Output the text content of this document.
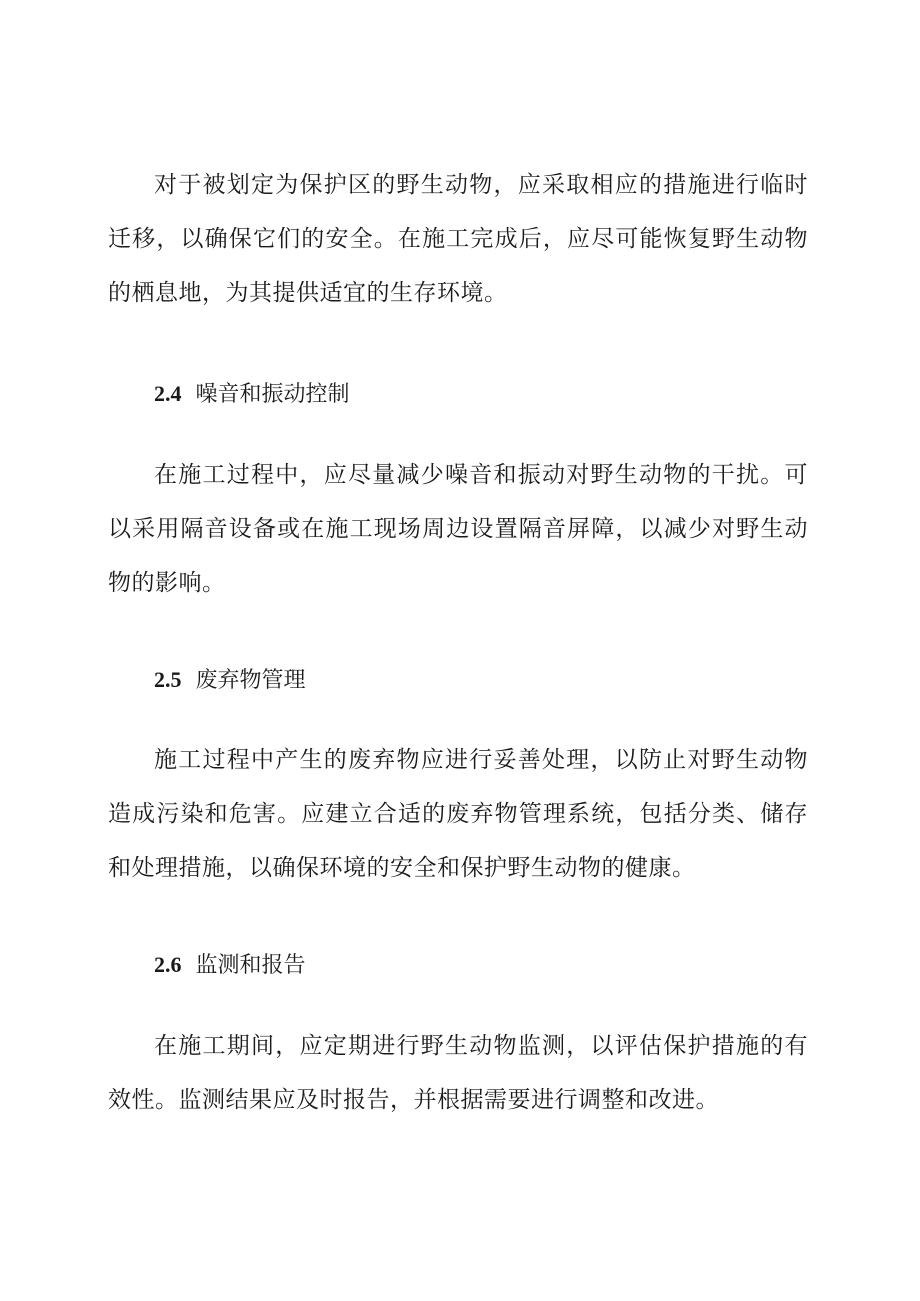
对于被划定为保护区的野生动物，应采取相应的措施进行临时迁移，以确保它们的安全。在施工完成后，应尽可能恢复野生动物的栖息地，为其提供适宜的生存环境。

2.4 噪音和振动控制

在施工过程中，应尽量减少噪音和振动对野生动物的干扰。可以采用隔音设备或在施工现场周边设置隔音屏障，以减少对野生动物的影响。

2.5 废弃物管理

施工过程中产生的废弃物应进行妥善处理，以防止对野生动物造成污染和危害。应建立合适的废弃物管理系统，包括分类、储存和处理措施，以确保环境的安全和保护野生动物的健康。

2.6 监测和报告

在施工期间，应定期进行野生动物监测，以评估保护措施的有效性。监测结果应及时报告，并根据需要进行调整和改进。
